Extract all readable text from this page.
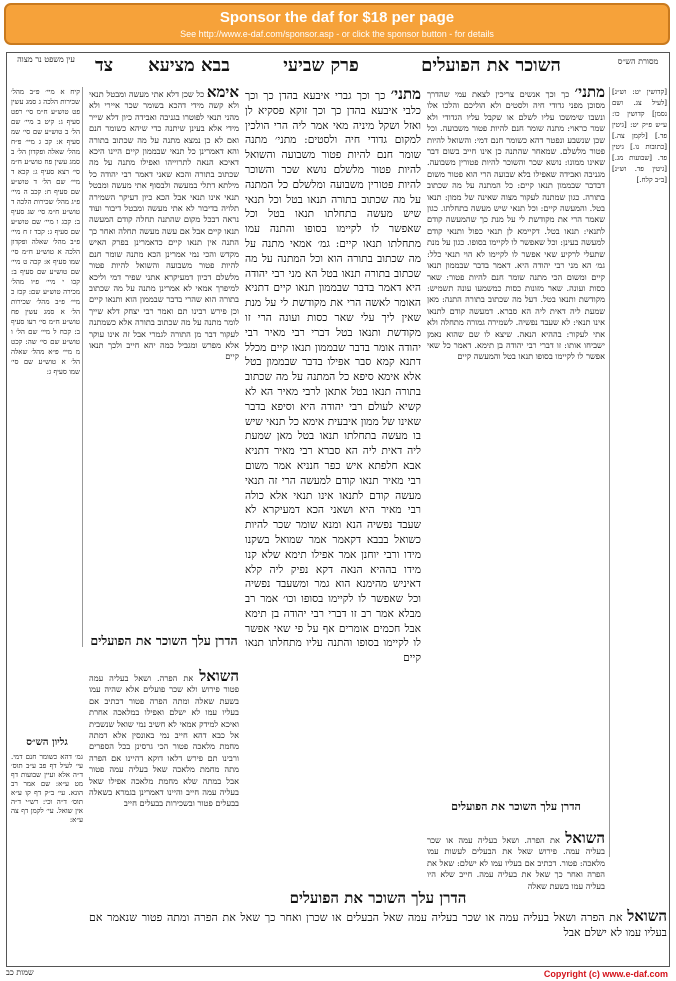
Sponsor the daf for $18 per page
See http://www.e-daf.com/sponsor.asp - or click the sponsor button - for details
עין משפט נר מצוה	צד	בבא מציעא	פרק שביעי	השוכר את הפועלים	מסורת הש״ס
קיח א מיי׳ פ״ב מהל׳ שכירות הלכה ג סמג עשין פט טוש״ע ח״מ סי׳ רפט סעיף ג: קיט ב מיי׳ שם הל׳ ב טוש״ע שם סי׳ שמ סעיף א: קכ ג מיי׳ פ״ח מהל׳ שאלה ופקדון הל׳ ב סמג עשין פח טוש״ע ח״מ סי׳ רצא סעיף ג: קכא ד מיי׳ שם הל׳ ד טוש״ע שם סעיף ח: קכב ה מיי׳ פ״ג מהל׳ שכירות הלכה ד טוש״ע ח״מ סי׳ שג סעיף ב: קכג ו מיי׳ שם טוש״ע שם סעיף ג: קכד ז ח מיי׳ פ״ב מהל׳ שאלה ופקדון הלכה א טוש״ע ח״מ סי׳ שמו סעיף א: קכה ט מיי׳ שם טוש״ע שם סעיף ב: קכו י מיי׳ פ״ו מהל׳ מכירה טוש״ע שם: קכז כ מיי׳ פ״ב מהל׳ שכירות הל׳ א סמג עשין פח טוש״ע ח״מ סי׳ רעו סעיף ב: קכח ל מיי׳ שם הל׳ ו טוש״ע שם סי׳ שה: קכט מ מיי׳ פ״א מהל׳ שאלה הל׳ א טוש״ע שם סי׳ שמו סעיף ג:
גליון הש״ס
גמ׳ דהא כשומר חנם דמי. עי׳ לעיל דף פב ע״ב תוס׳ ד״ה אלא ועיין שבועות דף מט ע״א: שם אמר רב הונא. עי׳ ב״ק דף קו ע״א תוס׳ ד״ה וכי: רש״י ד״ה אין שואל. עי׳ לקמן דף צה ע״א:
אימא כל שכן דלא אתי מעשה ומבטל תנאי ולא קשה מידי דהכא בשומר שכר איירי ולא מהני תנאי לפוטרו בגניבה ואבידה כיון דלא שייר מידי אלא בעינן שיתנה כדי שיהא כשומר חנם ואם לא כן נמצא מתנה על מה שכתוב בתורה והא דאמרינן כל תנאי שבממון קיים היינו היכא דאיכא הנאה לתרוייהו ואפילו מתנה על מה שכתוב בתורה והכא שאני דאמר רבי יהודה כל מילתא דתלי במעשה ולבסוף אתי מעשה ומבטל תנאי אינו תנאי אבל הכא כיון דעיקר השמירה תלויה בדיבור לא אתי מעשה ומבטל דיבור ועוד נראה דבכל מקום שהתנה תחלה קודם המעשה תנאו קיים אבל אם עשה מעשה תחלה ואחר כך התנה אין תנאו קיים כדאמרינן בפרק האיש מקדש והכי נמי אמרינן הכא מתנה שומר חנם להיות פטור משבועה והשואל להיות פטור מלשלם דכיון דמעיקרא אתני שפיר דמי וליכא למיפרך אמאי לא אמרינן מתנה על מה שכתוב בתורה הוא שהרי בדבר שבממון הוא ותנאו קיים וכן פירש רבינו תם ואמר רבי יצחק דלא שייך לומר מתנה על מה שכתוב בתורה אלא כשמתנה לעקור דבר מן התורה לגמרי אבל זה אינו עוקר אלא מפרש ומגביל כמה יהא חייב ולכך תנאו קיים
מתני׳ כך וכך גברי איבעא בהדן כך וכך כלבי איבעא בהדן כך וכך זוקא פסקיא לן ואזל ושקל מיניה מאי אמר ליה הרי הולכין למקום גדודי חיה ולסטים: מתני׳ מתנה שומר חנם להיות פטור משבועה והשואל להיות פטור מלשלם נושא שכר והשוכר להיות פטורין משבועה ומלשלם כל המתנה על מה שכתוב בתורה תנאו בטל וכל תנאי שיש מעשה בתחלתו תנאו בטל וכל שאפשר לו לקיימו בסופו והתנה עמו מתחלתו תנאו קיים: גמ׳ אמאי מתנה על מה שכתוב בתורה הוא וכל המתנה על מה שכתוב בתורה תנאו בטל הא מני רבי יהודה היא דאמר בדבר שבממון תנאו קיים דתניא האומר לאשה הרי את מקודשת לי על מנת שאין ליך עלי שאר כסות ועונה הרי זו מקודשת ותנאו בטל דברי רבי מאיר רבי יהודה אומר בדבר שבממון תנאו קיים מכלל דתנא קמא סבר אפילו בדבר שבממון בטל אלא אימא סיפא כל המתנה על מה שכתוב בתורה תנאו בטל אתאן לרבי מאיר הא לא קשיא לעולם רבי יהודה היא וסיפא בדבר שאינו של ממון איבעית אימא כל תנאי שיש בו מעשה בתחלתו תנאו בטל מאן שמעת ליה דאית ליה הא סברא רבי מאיר דתניא אבא חלפתא איש כפר חנניא אמר משום רבי מאיר תנאו קודם למעשה הרי זה תנאי מעשה קודם לתנאו אינו תנאי אלא כולה רבי מאיר היא ושאני הכא דמעיקרא לא שעבד נפשיה הנא ומנא שומר שכר להיות כשואל בבבא דקאמר אמר שמואל בשקנו מידו ורבי יוחנן אמר אפילו תימא שלא קנו מידו בההיא הנאה דקא נפיק ליה קלא דאיניש מהימנא הוא גמר ומשעבד נפשיה וכל שאפשר לו לקיימו בסופו וכו׳ אמר רב מבלא אמר רב זו דברי רבי יהודה בן תימא אבל חכמים אומרים אף על פי שאי אפשר לו לקיימו בסופו והתנה עליו מתחלתו תנאו קיים
מתני׳ כך וכך אנשים צריכין לצאת עמי שהדרך מסוכן מפני גדודי חיה ולסטים ולא הוליכם והלכו אלו ונשבו שימשכו עליו לשלם או שקבל עליו הגדודי ולא שמר כראוי: מתנה שומר חנם להיות פטור משבועה. וכל שכן שנשבע ונפטר דהא כשומר חנם דמי: והשואל להיות פטור מלשלם. שמאחר שהתנה כן אינו חייב בשום דבר שאינו ממונו: נושא שכר והשוכר להיות פטורין משבועה. מגניבה ואבידה שאפילו בלא שבועה הרי הוא פטור משום דבדבר שבממון תנאו קיים: כל המתנה על מה שכתוב בתורה. כגון שמתנה לעקור מצוה שאינה של ממון: תנאו בטל. והמעשה קיים: וכל תנאי שיש מעשה בתחלתו. כגון שאמר הרי את מקודשת לי על מנת כך שהמעשה קודם לתנאי: תנאו בטל. דקיימא לן תנאי כפול ותנאי קודם למעשה בעינן: וכל שאפשר לו לקיימו בסופו. כגון על מנת שתעלי לרקיע שאי אפשר לו לקיימו לא הוי תנאי כלל: גמ׳ הא מני רבי יהודה היא. דאמר בדבר שבממון תנאו קיים ומשום הכי מתנה שומר חנם להיות פטור: שאר כסות ועונה. שאר מזונות כסות כמשמעו עונה תשמיש: מקודשת ותנאו בטל. דעל מה שכתוב בתורה התנה: מאן שמעת ליה דאית ליה הא סברא. דמעשה קודם לתנאו אינו תנאי: לא שעבד נפשיה. לשמירה גמורה מתחלה ולא אתי לעקור: בההיא הנאה. שיצא לו שם שהוא נאמן ישביחו אותו: זו דברי רבי יהודה בן תימא. דאמר כל שאי אפשר לו לקיימו בסופו תנאו בטל והמעשה קיים
[קדושין יט: וש״נ] [לעיל צג. ושם נסמן] קדושין כו: ע״ש פ״ק יט: [גיטין פד.] [לקמן צה.] [כתובות נו.] גיטין פד. [שבועות מג.] [גיטין פד. וש״נ] [ב״ב קלח.]
הדרן עלך השוכר את הפועלים
השואל את הפרה. ושאל בעליה עמה פטור פירוש ולא שכר פועלים אלא שהיה עמו בשעת שאלה ומתה הפרה פטור דכתיב אם בעליו עמו לא ישלם ואפילו במלאכה אחרת ואיכא למידק אמאי לא חשיב נמי שואל שנשבית אל כבא דהא חייב נמי באונסין אלא דמתה מחמת מלאכה פטור הכי גרסינן בכל הספרים ורבינו תם פירש דלאו דוקא דהיינו אם הפרה מתה מחמת מלאכה שאל בעליה עמה פטור אבל במתה שלא מחמת מלאכה אפילו שאל בעליה עמה חייב והיינו דאמרינן בגמרא בשאלה בבעלים פטור ובשכירות בבעלים חייב	הדרן עלך השוכר את הפועלים
השואל את הפרה. ושאל בעליה עמה או שכר בעליה עמה. פירוש שאל את הבעלים לעשות עמו מלאכה: פטור. דכתיב אם בעליו עמו לא ישלם: שאל את הפרה ואחר כך שאל את בעליה עמה. חייב שלא היו בעליה עמו בשעת שאלה
הדרן עלך השוכר את הפועלים
השואל את הפרה ושאל בעליה עמה או שכר בעליה עמה שאל הבעלים או שכרן ואחר כך שאל את הפרה ומתה פטור שנאמר אם בעליו עמו לא ישלם אבל
שמות כב	Copyright (c) www.e-daf.com
